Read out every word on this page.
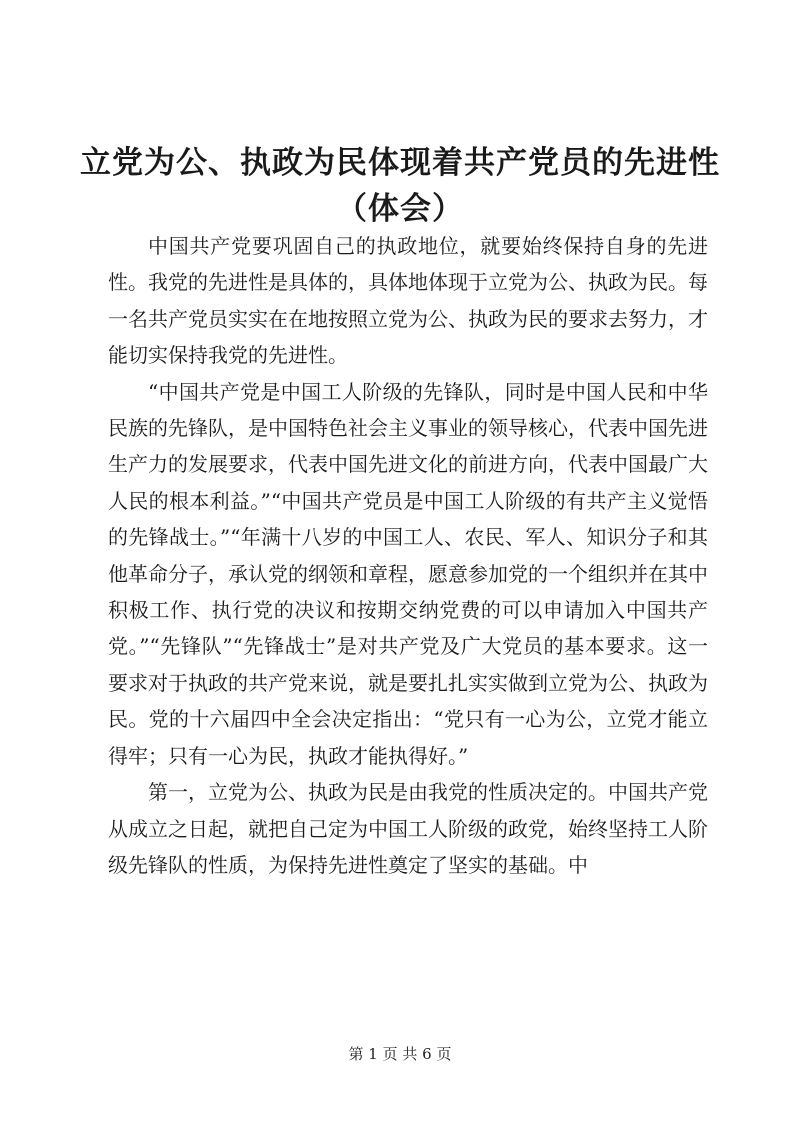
立党为公、执政为民体现着共产党员的先进性
（体会）

中国共产党要巩固自己的执政地位，就要始终保持自身的先进性。我党的先进性是具体的，具体地体现于立党为公、执政为民。每一名共产党员实实在在地按照立党为公、执政为民的要求去努力，才能切实保持我党的先进性。

“中国共产党是中国工人阶级的先锋队，同时是中国人民和中华民族的先锋队，是中国特色社会主义事业的领导核心，代表中国先进生产力的发展要求，代表中国先进文化的前进方向，代表中国最广大人民的根本利益。”“中国共产党员是中国工人阶级的有共产主义觉悟的先锋战士。”“年满十八岁的中国工人、农民、军人、知识分子和其他革命分子，承认党的纲领和章程，愿意参加党的一个组织并在其中积极工作、执行党的决议和按期交纳党费的可以申请加入中国共产党。”“先锋队”“先锋战士”是对共产党及广大党员的基本要求。这一要求对于执政的共产党来说，就是要扎扎实实做到立党为公、执政为民。党的十六届四中全会决定指出：“党只有一心为公，立党才能立得牢；只有一心为民，执政才能执得好。”

第一，立党为公、执政为民是由我党的性质决定的。中国共产党从成立之日起，就把自己定为中国工人阶级的政党，始终坚持工人阶级先锋队的性质，为保持先进性奠定了坚实的基础。中

第 1 页 共 6 页
